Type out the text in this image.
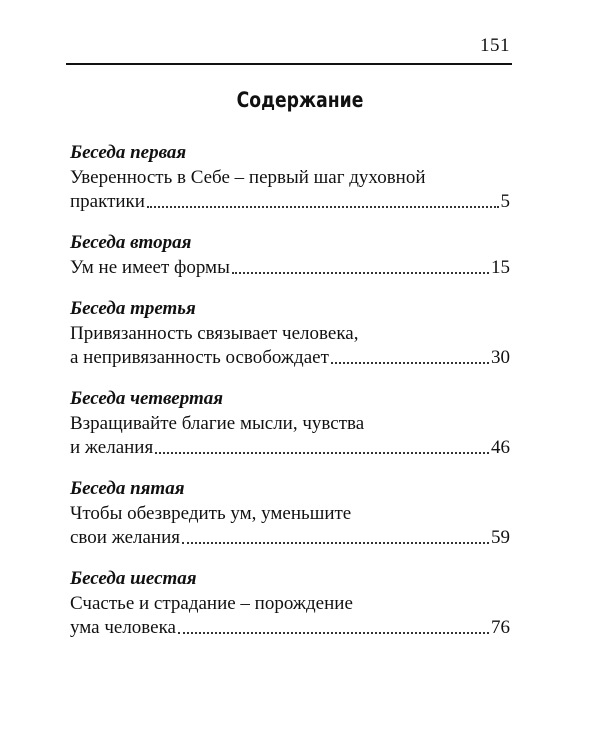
151
Содержание
Беседа первая
Уверенность в Себе – первый шаг духовной
практики	5
Беседа вторая
Ум не имеет формы	15
Беседа третья
Привязанность связывает человека,
а непривязанность освобождает	30
Беседа четвертая
Взращивайте благие мысли, чувства
и желания	46
Беседа пятая
Чтобы обезвредить ум, уменьшите
свои желания	59
Беседа шестая
Счастье и страдание – порождение
ума человека	76
